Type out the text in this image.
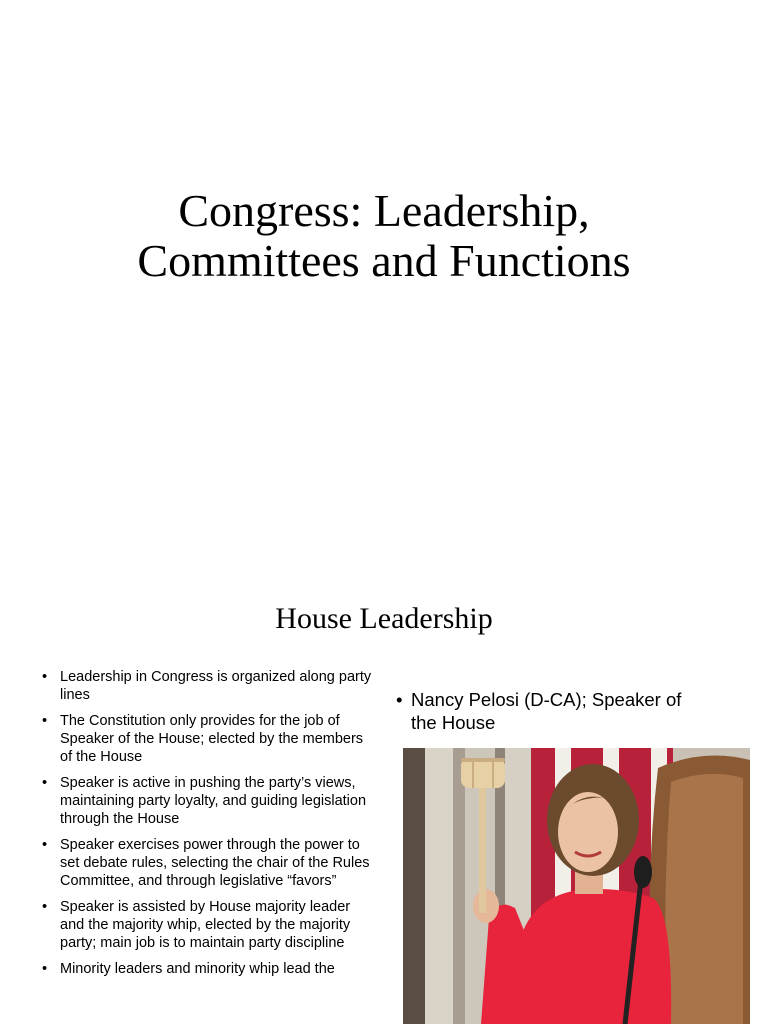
Congress: Leadership,
Committees and Functions
House Leadership
• Leadership in Congress is organized along party lines
• The Constitution only provides for the job of Speaker of the House; elected by the members of the House
• Speaker is active in pushing the party’s views, maintaining party loyalty, and guiding legislation through the House
• Speaker exercises power through the power to set debate rules, selecting the chair of the Rules Committee, and through legislative “favors”
• Speaker is assisted by House majority leader and the majority whip, elected by the majority party; main job is to maintain party discipline
• Minority leaders and minority whip lead the
• Nancy Pelosi (D-CA); Speaker of the House
